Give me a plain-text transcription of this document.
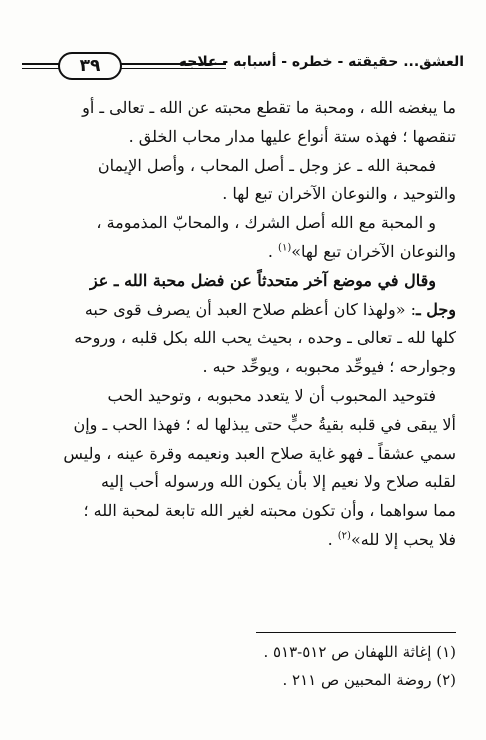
العشق... حقيقته - خطره - أسبابه - علاجه
٣٩

ما يبغضه الله ، ومحبة ما تقطع محبته عن الله ـ تعالى ـ أو

تنقصها ؛ فهذه ستة أنواع عليها مدار محاب الخلق .

فمحبة الله ـ عز وجل ـ أصل المحاب ، وأصل الإيمان

والتوحيد ، والنوعان الآخران تبع لها .

و المحبة مع الله أصل الشرك ، والمحابّ المذمومة ،

والنوعان الآخران تبع لها»$^{(١)}$ .

وقال في موضع آخر متحدثاً عن فضل محبة الله ـ عز

وجل ـ: «ولهذا كان أعظم صلاح العبد أن يصرف قوى حبه

كلها لله ـ تعالى ـ وحده ، بحيث يحب الله بكل قلبه ، وروحه

وجوارحه ؛ فيوحِّد محبوبه ، ويوحِّد حبه .

فتوحيد المحبوب أن لا يتعدد محبوبه ، وتوحيد الحب

ألا يبقى في قلبه بقيةُ حبٍّ حتى يبذلها له ؛ فهذا الحب ـ وإن

سمي عشقاً ـ فهو غاية صلاح العبد ونعيمه وقرة عينه ، وليس

لقلبه صلاح ولا نعيم إلا بأن يكون الله ورسوله أحب إليه

مما سواهما ، وأن تكون محبته لغير الله تابعة لمحبة الله ؛

فلا يحب إلا لله»$^{(٢)}$ .

(١) إغاثة اللهفان ص ٥١٢-٥١٣ .
(٢) روضة المحبين ص ٢١١ .
